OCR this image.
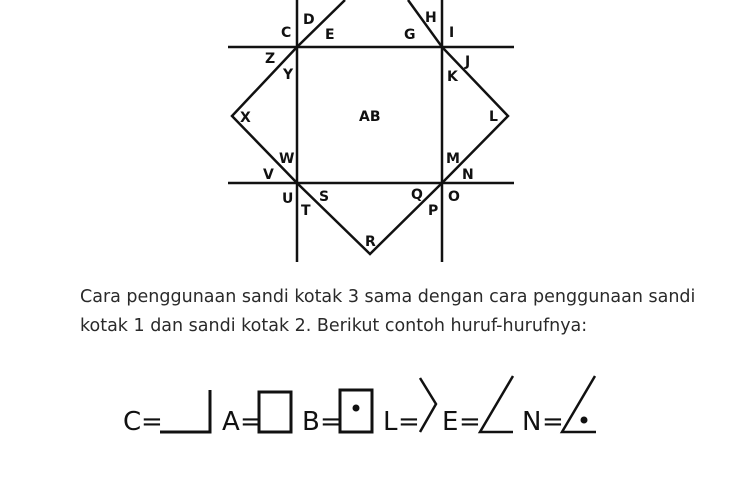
C
D
E	G
H
I
Z
Y
J
K
X	AB	L
W	M
V	N
U S	Q O
T	P
R
Cara penggunaan sandi kotak 3 sama dengan cara penggunaan sandi
kotak 1 dan sandi kotak 2. Berikut contoh huruf-hurufnya:
C = A = B = L = E = N =
